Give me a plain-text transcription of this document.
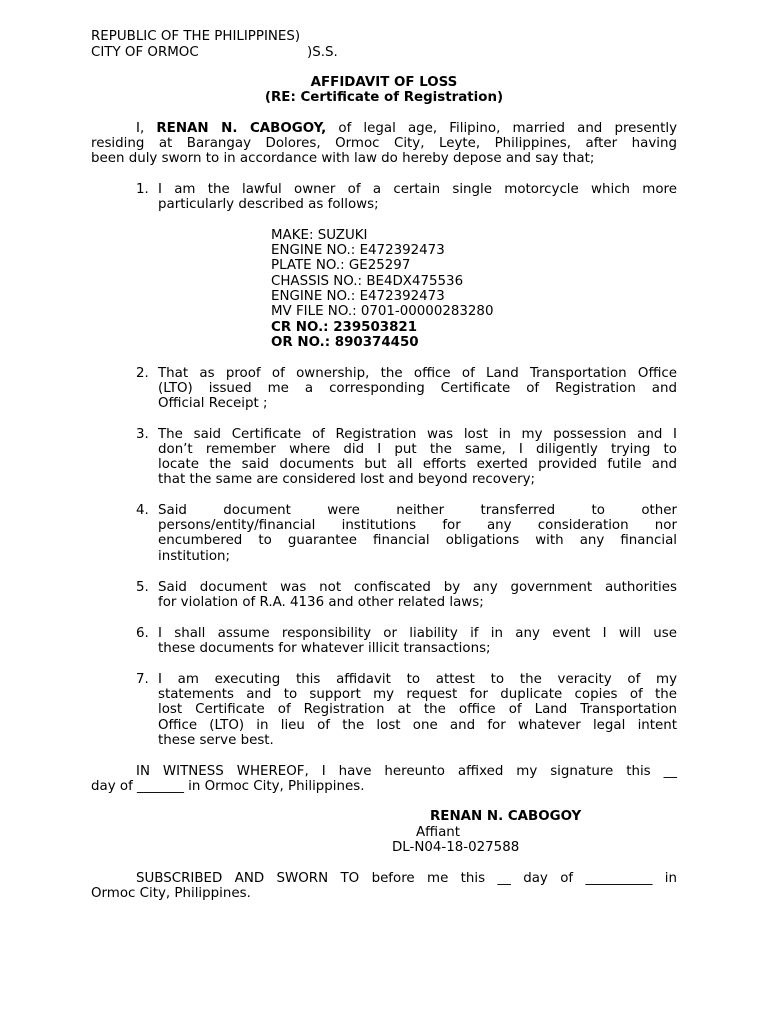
REPUBLIC OF THE PHILIPPINES)
CITY OF ORMOC	)S.S.
AFFIDAVIT OF LOSS
(RE: Certificate of Registration)
I, RENAN N. CABOGOY, of legal age, Filipino, married and presently
residing at Barangay Dolores, Ormoc City, Leyte, Philippines, after having
been duly sworn to in accordance with law do hereby depose and say that;
1. I am the lawful owner of a certain single motorcycle which more
particularly described as follows;
MAKE: SUZUKI
ENGINE NO.: E472392473
PLATE NO.: GE25297
CHASSIS NO.: BE4DX475536
ENGINE NO.: E472392473
MV FILE NO.: 0701-00000283280
CR NO.: 239503821
OR NO.: 890374450
2. That as proof of ownership, the office of Land Transportation Office
(LTO) issued me a corresponding Certificate of Registration and
Official Receipt ;
3. The said Certificate of Registration was lost in my possession and I
don’t remember where did I put the same, I diligently trying to
locate the said documents but all efforts exerted provided futile and
that the same are considered lost and beyond recovery;
4. Said document were neither transferred to other
persons/entity/financial institutions for any consideration nor
encumbered to guarantee financial obligations with any financial
institution;
5. Said document was not confiscated by any government authorities
for violation of R.A. 4136 and other related laws;
6. I shall assume responsibility or liability if in any event I will use
these documents for whatever illicit transactions;
7. I am executing this affidavit to attest to the veracity of my
statements and to support my request for duplicate copies of the
lost Certificate of Registration at the office of Land Transportation
Office (LTO) in lieu of the lost one and for whatever legal intent
these serve best.
IN WITNESS WHEREOF, I have hereunto affixed my signature this __
day of _______ in Ormoc City, Philippines.
RENAN N. CABOGOY
Affiant
DL-N04-18-027588
SUBSCRIBED AND SWORN TO before me this __ day of __________ in
Ormoc City, Philippines.
